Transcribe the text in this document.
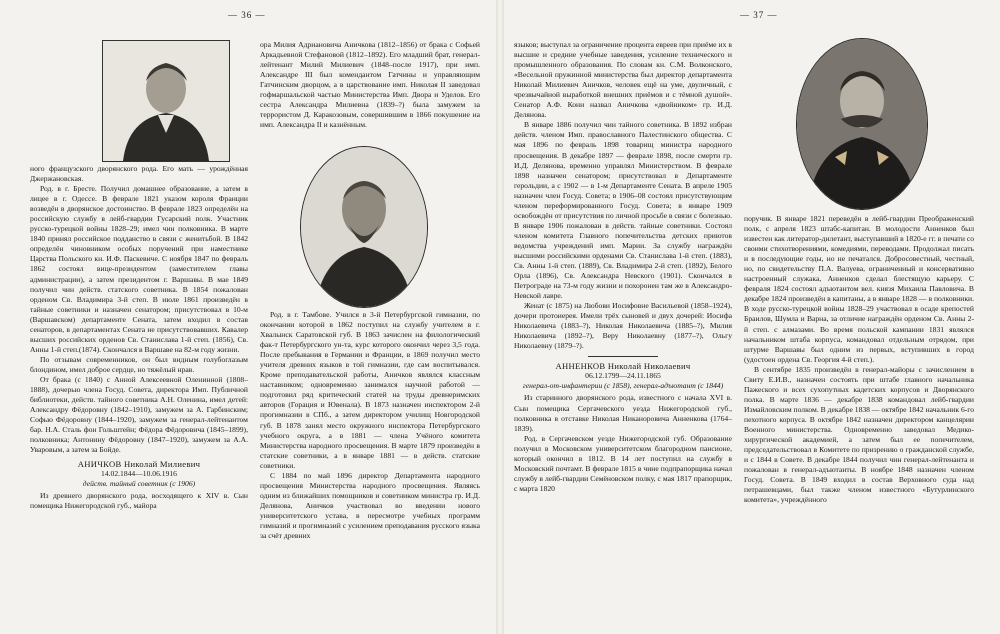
— 36 —

ного французского дворянского рода. Его мать — урождённая Джержановская.

Род. в г. Бресте. Получил домашнее образование, а затем в лицее в г. Одессе. В феврале 1821 указом короля Франции возведён в дворянское достоинство. В феврале 1823 определён на российскую службу в лейб-гвардии Гусарский полк. Участник русско-турецкой войны 1828–29; имел чин полковника. В марте 1840 принял российское подданство в связи с женитьбой. В 1842 определён чиновником особых поручений при наместнике Царства Польского кн. И.Ф. Паскевиче. С ноября 1847 по февраль 1862 состоял вице-президентом (заместителем главы администрации), а затем президентом г. Варшавы. В мае 1849 получил чин действ. статского советника. В 1854 пожалован орденом Св. Владимира 3-й степ. В июле 1861 произведён в тайные советники и назначен сенатором; присутствовал в 10-м (Варшавском) департаменте Сената, затем входил в состав сенаторов, в департаментах Сената не присутствовавших. Кавалер высших российских орденов Св. Станислава 1-й степ. (1856), Св. Анны 1-й степ.(1874). Скончался в Варшаве на 82-м году жизни.

По отзывам современников, он был видным голубоглазым блондином, имел доброе сердце, но тяжёлый нрав.

От брака (с 1840) с Анной Алексеевной Оленинной (1808–1888), дочерью члена Госуд. Совета, директора Имп. Публичной библиотеки, действ. тайного советника А.Н. Оленина, имел детей: Александру Фёдоровну (1842–1910), замужем за А. Гарбинским; Софью Фёдоровну (1844–1920), замужем за генерал-лейтенантом бар. Н.А. Сталь фон Гольштейн; Фёдора Фёдоровича (1845–1899), полковника; Антонину Фёдоровну (1847–1920), замужем за А.А. Уваровым, а затем за Бойде.

АНИЧКОВ Николай Милиевич
14.02.1844—10.06.1916
действ. тайный советник (с 1906)

Из древнего дворянского рода, восходящего к XIV в. Сын помещика Нижегородской губ., майора

ора Милия Адриановича Аничкова (1812–1856) от брака с Софьей Аркадьевной Стефановой (1812–1892). Его младший брат, генерал-лейтенант Милий Милиевич (1848–после 1917), при имп. Александре III был комендантом Гатчины и управляющим Гатчинским дворцом, а в царствование имп. Николая II заведовал гофмаршальской частью Министерства Имп. Двора и Уделов. Его сестра Александра Милиевна (1839–?) была замужем за террористом Д. Каракозовым, совершившим в 1866 покушение на имп. Александра II и казнённым.

Род. в г. Тамбове. Учился в 3-й Петербургской гимназии, по окончании которой в 1862 поступил на службу учителем в г. Хвалынск Саратовской губ. В 1863 зачислен на филологический фак-т Петербургского ун-та, курс которого окончил через 3,5 года. После пребывания в Германии и Франции, в 1869 получил место учителя древних языков в той гимназии, где сам воспитывался. Кроме преподавательской работы, Аничков являлся классным наставником; одновременно занимался научной работой — подготовил ряд критический статей на труды древнеримских авторов (Горация и Ювенала). В 1873 назначен инспектором 2-й прогимназии в СПб., а затем директором училищ Новгородской губ. В 1878 занял место окружного инспектора Петербургского учебного округа, а в 1881 — члена Учёного комитета Министерства народного просвещения. В марте 1879 произведён в статские советники, а в январе 1881 — в действ. статские советники.

С 1884 по май 1896 директор Департамента народного просвещения Министерства народного просвещения. Являясь одним из ближайших помощников и советником министра гр. И.Д. Делянова, Аничков участвовал во введении нового университетского устава, в пересмотре учебных программ гимназий и прогимназий с усилением преподавания русского языка за счёт древних

— 37 —

языков; выступал за ограничение процента евреев при приёме их в высшие и средние учебные заведения, усиление технического и промышленного образования. По словам кн. С.М. Волконского, «Весельной пружинной министерства был директор департамента Николай Милиевич Аничков, человек ещё на уме, двуличный, с чрезвычайной выработкой внешних приёмов и с тёмной душой». Сенатор А.Ф. Кони назвал Аничкова «двойником» гр. И.Д. Делянова.

В январе 1886 получил чин тайного советника. В 1892 избран действ. членом Имп. православного Палестинского общества. С мая 1896 по февраль 1898 товарищ министра народного просвещения. В декабре 1897 — феврале 1898, после смерти гр. И.Д. Делянова, временно управлял Министерством. В феврале 1898 назначен сенатором; присутствовал в Департаменте герольдии, а с 1902 — в 1-м Департаменте Сената. В апреле 1905 назначен член Госуд. Совета; в 1906–08 состоял присутствующим членом переформированного Госуд. Совета; в январе 1909 освобождён от присутствия по личной просьбе в связи с болезнью. В январе 1906 пожалован в действ. тайные советники. Состоял членом комитета Главного попечительства детских приютов ведомства учреждений имп. Марии. За службу награждён высшими российскими орденами Св. Станислава 1-й степ. (1883), Св. Анны 1-й степ. (1889), Св. Владимира 2-й степ. (1892), Белого Орла (1896), Св. Александра Невского (1901). Скончался в Петрограде на 73-м году жизни и похоронен там же в Александро-Невской лавре.

Женат (с 1875) на Любови Иосифовне Васильевой (1858–1924), дочери протоиерея. Имели трёх сыновей и двух дочерей: Иосифа Николаевича (1883–?), Николая Николаевича (1885–?), Милия Николаевича (1892–?), Веру Николаевну (1877–?), Ольгу Николаевну (1879–?).

АННЕНКОВ Николай Николаевич
06.12.1799—24.11.1865
генерал-от-инфантерии (с 1858), генерал-адъютант (с 1844)

Из старинного дворянского рода, известного с начала XVI в. Сын помещика Сергачевского уезда Нижегородской губ., полковника в отставке Николая Никаноровича Анненкова (1764–1839).

Род. в Сергачевском уезде Нижегородской губ. Образование получил в Московском университетском благородном пансионе, который окончил в 1812. В 14 лет поступил на службу в Московский почтамт. В феврале 1815 в чине подпрапорщика начал службу в лейб-гвардии Семёновском полку, с мая 1817 прапорщик, с марта 1820

поручик. В январе 1821 переведён в лейб-гвардии Преображенский полк, с апреля 1823 штабс-капитан. В молодости Анненков был известен как литератор-дилетант, выступавший в 1820-е гг. в печати со своими стихотворениями, комедиями, переводами. Продолжал писать и в последующие годы, но не печатался. Добросовестный, честный, но, по свидетельству П.А. Валуева, ограниченный и консервативно настроенный служака, Анненков сделал блестящую карьеру. С февраля 1824 состоял адъютантом вел. князя Михаила Павловича. В декабре 1824 произведён в капитаны, а в январе 1828 — в полковники. В ходе русско-турецкой войны 1828–29 участвовал в осаде крепостей Браилов, Шумла и Варна, за отличие награждён орденом Св. Анны 2-й степ. с алмазами. Во время польской кампании 1831 являлся начальником штаба корпуса, командовал отдельным отрядом, при штурме Варшавы был одним из первых, вступивших в город (удостоен ордена Св. Георгия 4-й степ.).

В сентябре 1835 произведён в генерал-майоры с зачислением в Свиту Е.И.В., назначен состоять при штабе главного начальника Пажеского и всех сухопутных кадетских корпусов и Дворянского полка. В марте 1836 — декабре 1838 командовал лейб-гвардии Измайловским полком. В декабре 1838 — октябре 1842 начальник 6-го пехотного корпуса. В октябре 1842 назначен директором канцелярии Военного министерства. Одновременно заведовал Медико-хирургической академией, а затем был ее попечителем, председательствовал в Комитете по призрению о гражданской службе, и с 1844 в Совете. В декабре 1844 получил чин генерал-лейтенанта и пожалован в генерал-адъютанты. В ноябре 1848 назначен членом Госуд. Совета. В 1849 входил в состав Верховного суда над петрашевцами, был также членом известного «Бутурлинского комитета», учреждённого
